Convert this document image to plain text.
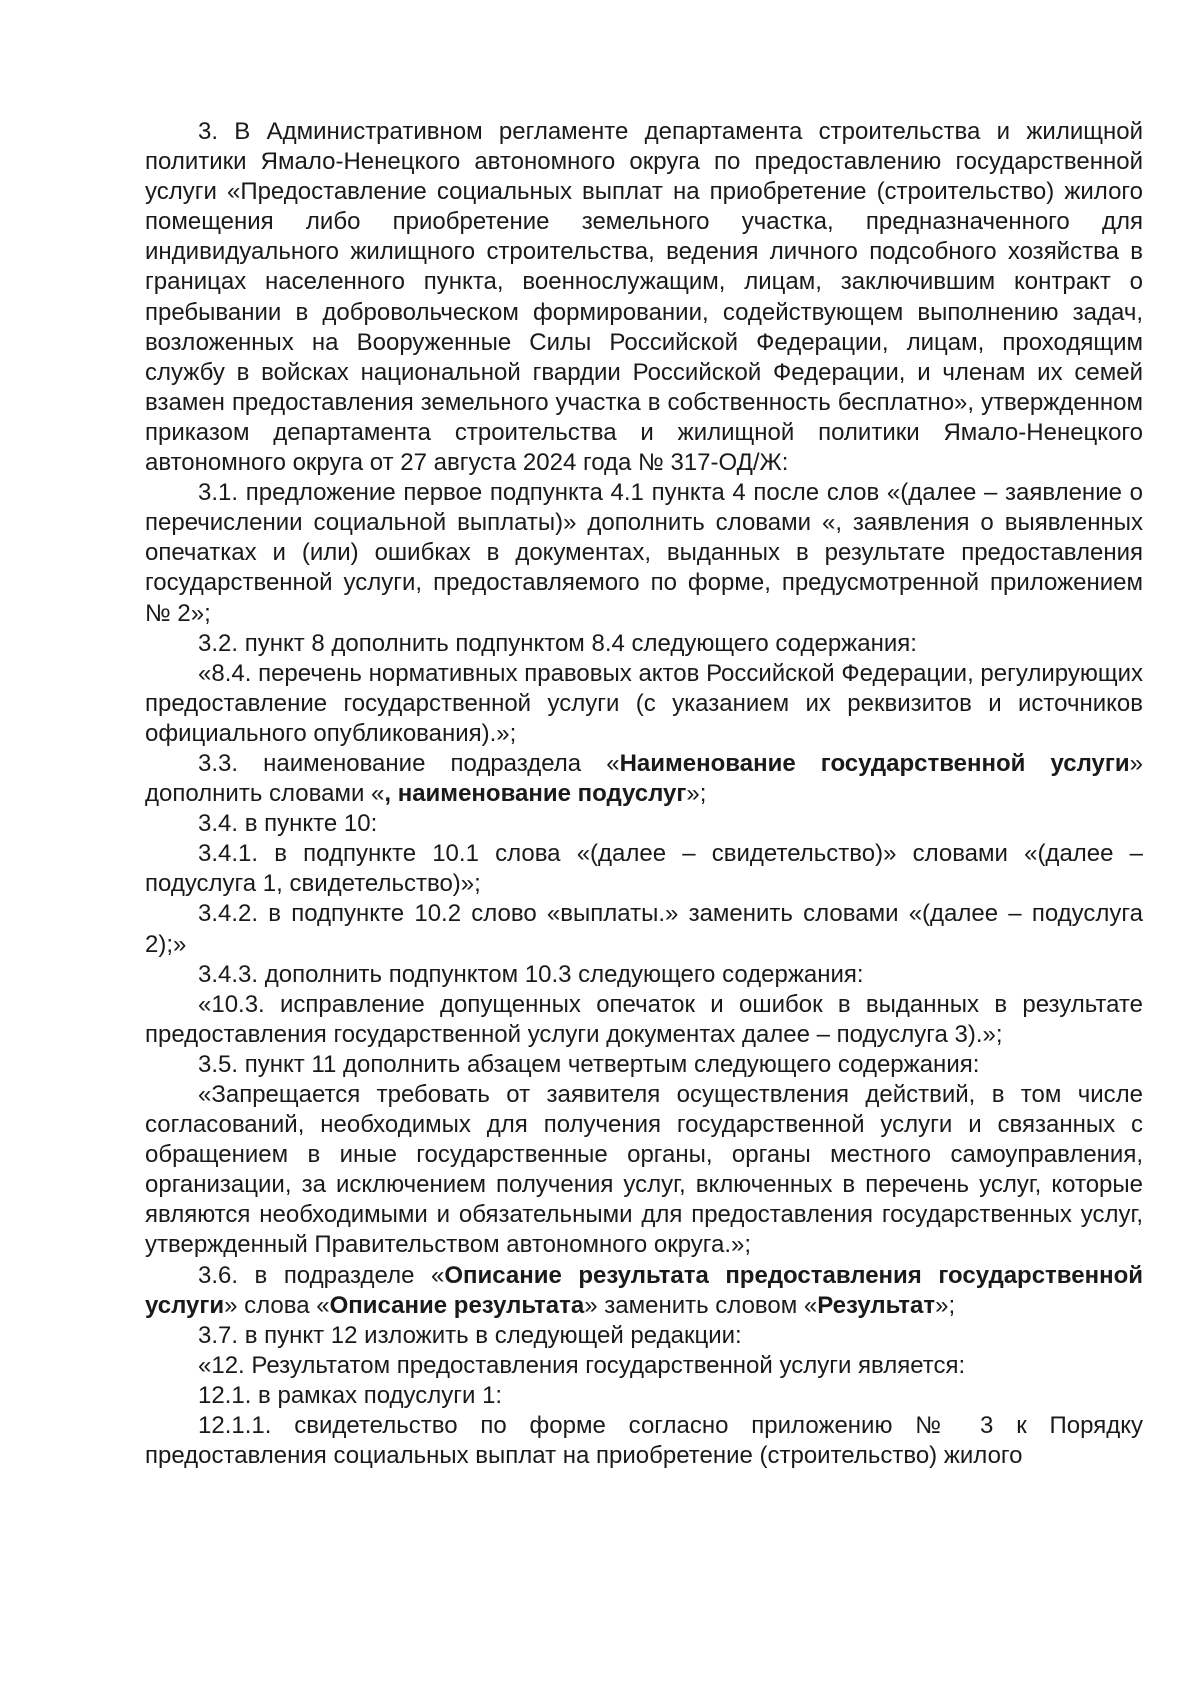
3. В Административном регламенте департамента строительства и жилищной политики Ямало-Ненецкого автономного округа по предоставлению государственной услуги «Предоставление социальных выплат на приобретение (строительство) жилого помещения либо приобретение земельного участка, предназначенного для индивидуального жилищного строительства, ведения личного подсобного хозяйства в границах населенного пункта, военнослужащим, лицам, заключившим контракт о пребывании в добровольческом формировании, содействующем выполнению задач, возложенных на Вооруженные Силы Российской Федерации, лицам, проходящим службу в войсках национальной гвардии Российской Федерации, и членам их семей взамен предоставления земельного участка в собственность бесплатно», утвержденном приказом департамента строительства и жилищной политики Ямало-Ненецкого автономного округа от 27 августа 2024 года № 317-ОД/Ж:

3.1. предложение первое подпункта 4.1 пункта 4 после слов «(далее – заявление о перечислении социальной выплаты)» дополнить словами «, заявления о выявленных опечатках и (или) ошибках в документах, выданных в результате предоставления государственной услуги, предоставляемого по форме, предусмотренной приложением № 2»;

3.2. пункт 8 дополнить подпунктом 8.4 следующего содержания:

«8.4. перечень нормативных правовых актов Российской Федерации, регулирующих предоставление государственной услуги (с указанием их реквизитов и источников официального опубликования).»;

3.3. наименование подраздела «Наименование государственной услуги» дополнить словами «, наименование подуслуг»;

3.4. в пункте 10:

3.4.1. в подпункте 10.1 слова «(далее – свидетельство)» словами «(далее – подуслуга 1, свидетельство)»;

3.4.2. в подпункте 10.2 слово «выплаты.» заменить словами «(далее – подуслуга 2);»

3.4.3. дополнить подпунктом 10.3 следующего содержания:

«10.3. исправление допущенных опечаток и ошибок в выданных в результате предоставления государственной услуги документах далее – подуслуга 3).»;

3.5. пункт 11 дополнить абзацем четвертым следующего содержания:

«Запрещается требовать от заявителя осуществления действий, в том числе согласований, необходимых для получения государственной услуги и связанных с обращением в иные государственные органы, органы местного самоуправления, организации, за исключением получения услуг, включенных в перечень услуг, которые являются необходимыми и обязательными для предоставления государственных услуг, утвержденный Правительством автономного округа.»;

3.6. в подразделе «Описание результата предоставления государственной услуги» слова «Описание результата» заменить словом «Результат»;

3.7. в пункт 12 изложить в следующей редакции:

«12. Результатом предоставления государственной услуги является:

12.1. в рамках подуслуги 1:

12.1.1. свидетельство по форме согласно приложению № 3 к Порядку предоставления социальных выплат на приобретение (строительство) жилого
